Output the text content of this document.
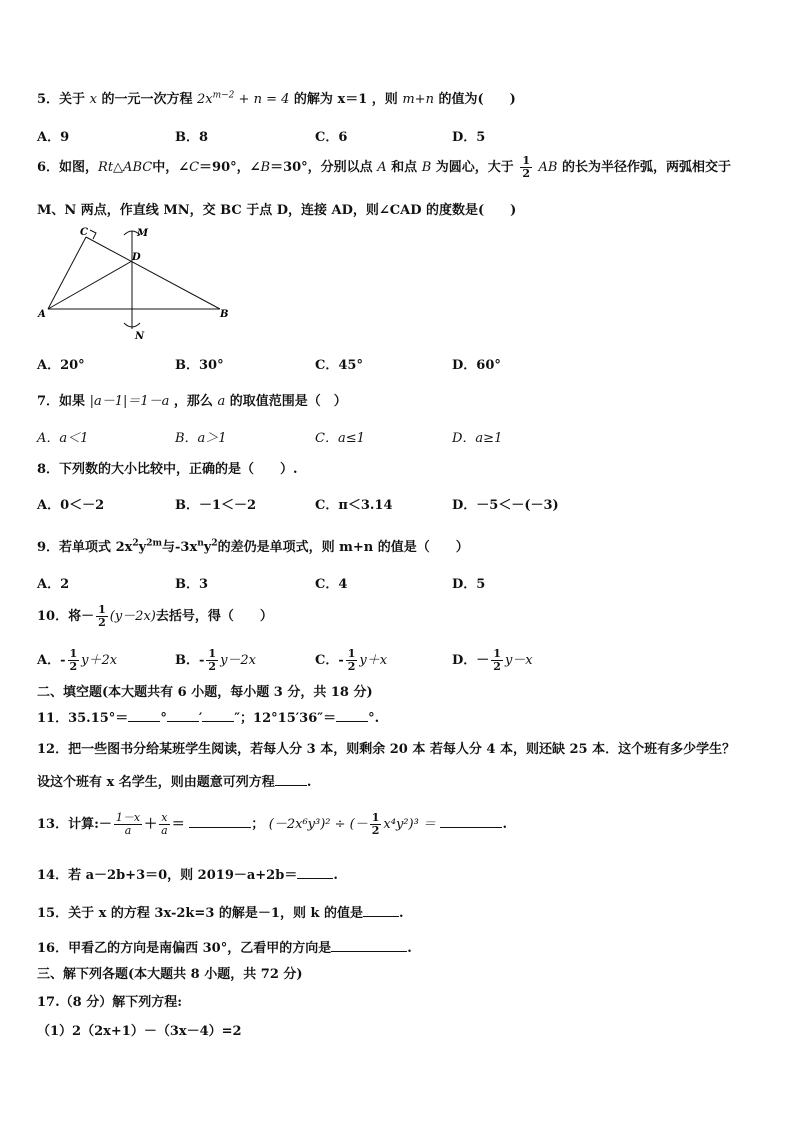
5．关于 x 的一元一次方程 $2x^{m-2} + n = 4$ 的解为 x＝1 ，则 m+n 的值为(　　)
A．9	B．8	C．6	D．5
6．如图，Rt△ABC中，∠C＝90°，∠B＝30°，分别以点 A 和点 B 为圆心，大于 $\frac{1}{2}$ AB 的长为半径作弧，两弧相交于
M、N 两点，作直线 MN，交 BC 于点 D，连接 AD，则∠CAD 的度数是(　　)
C	M
D
A	B
N
A．20°	B．30°	C．45°	D．60°
7．如果 |a－1|＝1－a ，那么 a 的取值范围是（　）
A．a＜1	B．a＞1	C．a≤1	D．a≥1
8．下列数的大小比较中，正确的是（　　）.
A．0＜－2	B．－1＜－2	C．π＜3.14	D．－5＜－(－3)
9．若单项式 $2x^2y^{2m}$与$-3x^ny^2$的差仍是单项式，则 m+n 的值是（　　）
A．2	B．3	C．4	D．5
10．将－ $\frac{1}{2} (y-2x)$去括号，得（　　）
A．- $\frac{1}{2} y+2x$	B．- $\frac{1}{2} y-2x$	C．- $\frac{1}{2} y+x$	D．－ $\frac{1}{2} y-x$
二、填空题(本大题共有 6 小题，每小题 3 分，共 18 分)
11．35.15°＝ ° ′ ″；12°15′36″＝ °.
12．把一些图书分给某班学生阅读，若每人分 3 本，则剩余 20 本 若每人分 4 本，则还缺 25 本．这个班有多少学生？
设这个班有 x 名学生，则由题意可列方程 .
13．计算:－ $\frac{1-x}{a} + \frac{x}{a}$ ＝	； (－2x⁶y³)² ÷ (－ $\frac{1}{2} x^4y^2)^3$ ＝	.
14．若 a－2b+3＝0，则 2019－a+2b＝	.
15．关于 x 的方程 3x-2k=3 的解是－1，则 k 的值是	.
16．甲看乙的方向是南偏西 30°，乙看甲的方向是	.
三、解下列各题(本大题共 8 小题，共 72 分)
17.（8 分）解下列方程:
（1）2（2x+1）－（3x－4）=2
